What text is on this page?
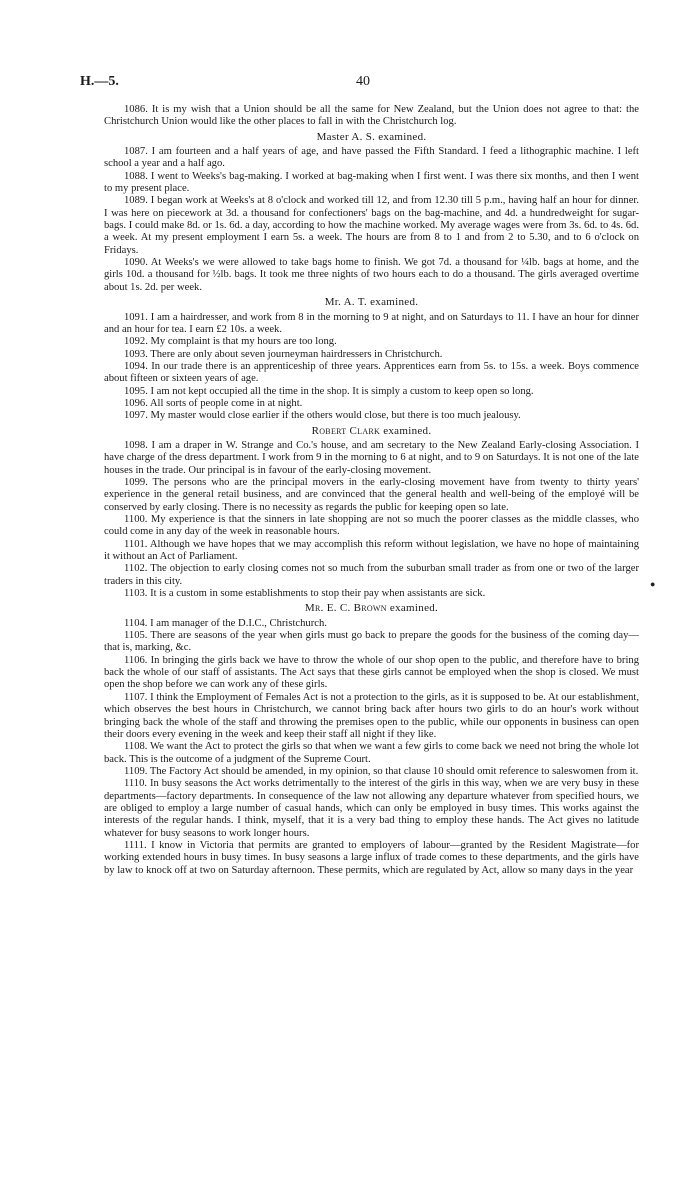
H.—5.	40

1086. It is my wish that a Union should be all the same for New Zealand, but the Union does not agree to that: the Christchurch Union would like the other places to fall in with the Christchurch log.

Master A. S. examined.

1087. I am fourteen and a half years of age, and have passed the Fifth Standard. I feed a lithographic machine. I left school a year and a half ago.

1088. I went to Weeks's bag-making. I worked at bag-making when I first went. I was there six months, and then I went to my present place.

1089. I began work at Weeks's at 8 o'clock and worked till 12, and from 12.30 till 5 p.m., having half an hour for dinner. I was here on piecework at 3d. a thousand for confectioners' bags on the bag-machine, and 4d. a hundredweight for sugar-bags. I could make 8d. or 1s. 6d. a day, according to how the machine worked. My average wages were from 3s. 6d. to 4s. 6d. a week. At my present employment I earn 5s. a week. The hours are from 8 to 1 and from 2 to 5.30, and to 6 o'clock on Fridays.

1090. At Weeks's we were allowed to take bags home to finish. We got 7d. a thousand for ¼lb. bags at home, and the girls 10d. a thousand for ½lb. bags. It took me three nights of two hours each to do a thousand. The girls averaged overtime about 1s. 2d. per week.

Mr. A. T. examined.

1091. I am a hairdresser, and work from 8 in the morning to 9 at night, and on Saturdays to 11. I have an hour for dinner and an hour for tea. I earn £2 10s. a week.

1092. My complaint is that my hours are too long.

1093. There are only about seven journeyman hairdressers in Christchurch.

1094. In our trade there is an apprenticeship of three years. Apprentices earn from 5s. to 15s. a week. Boys commence about fifteen or sixteen years of age.

1095. I am not kept occupied all the time in the shop. It is simply a custom to keep open so long.

1096. All sorts of people come in at night.

1097. My master would close earlier if the others would close, but there is too much jealousy.

Robert Clark examined.

1098. I am a draper in W. Strange and Co.'s house, and am secretary to the New Zealand Early-closing Association. I have charge of the dress department. I work from 9 in the morning to 6 at night, and to 9 on Saturdays. It is not one of the late houses in the trade. Our principal is in favour of the early-closing movement.

1099. The persons who are the principal movers in the early-closing movement have from twenty to thirty years' experience in the general retail business, and are convinced that the general health and well-being of the employé will be conserved by early closing. There is no necessity as regards the public for keeping open so late.

1100. My experience is that the sinners in late shopping are not so much the poorer classes as the middle classes, who could come in any day of the week in reasonable hours.

1101. Although we have hopes that we may accomplish this reform without legislation, we have no hope of maintaining it without an Act of Parliament.

1102. The objection to early closing comes not so much from the suburban small trader as from one or two of the larger traders in this city.

1103. It is a custom in some establishments to stop their pay when assistants are sick.

Mr. E. C. Brown examined.

1104. I am manager of the D.I.C., Christchurch.

1105. There are seasons of the year when girls must go back to prepare the goods for the business of the coming day—that is, marking, &c.

1106. In bringing the girls back we have to throw the whole of our shop open to the public, and therefore have to bring back the whole of our staff of assistants. The Act says that these girls cannot be employed when the shop is closed. We must open the shop before we can work any of these girls.

1107. I think the Employment of Females Act is not a protection to the girls, as it is supposed to be. At our establishment, which observes the best hours in Christchurch, we cannot bring back after hours two girls to do an hour's work without bringing back the whole of the staff and throwing the premises open to the public, while our opponents in business can open their doors every evening in the week and keep their staff all night if they like.

1108. We want the Act to protect the girls so that when we want a few girls to come back we need not bring the whole lot back. This is the outcome of a judgment of the Supreme Court.

1109. The Factory Act should be amended, in my opinion, so that clause 10 should omit reference to saleswomen from it.

1110. In busy seasons the Act works detrimentally to the interest of the girls in this way, when we are very busy in these departments—factory departments. In consequence of the law not allowing any departure whatever from specified hours, we are obliged to employ a large number of casual hands, which can only be employed in busy times. This works against the interests of the regular hands. I think, myself, that it is a very bad thing to employ these hands. The Act gives no latitude whatever for busy seasons to work longer hours.

1111. I know in Victoria that permits are granted to employers of labour—granted by the Resident Magistrate—for working extended hours in busy times. In busy seasons a large influx of trade comes to these departments, and the girls have by law to knock off at two on Saturday afternoon. These permits, which are regulated by Act, allow so many days in the year

●
